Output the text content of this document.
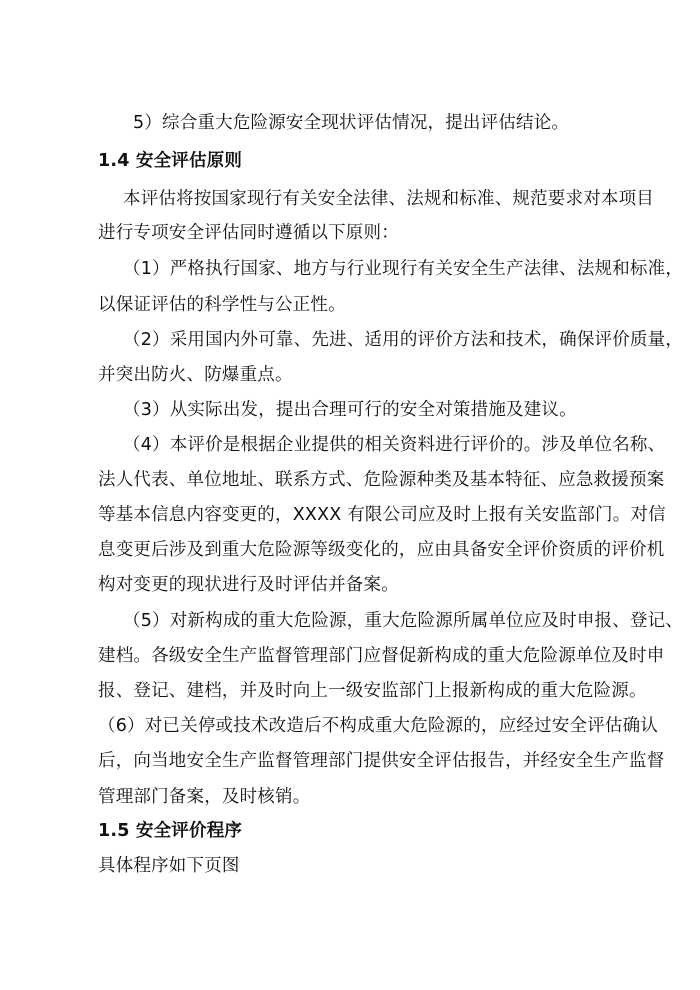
5）综合重大危险源安全现状评估情况，提出评估结论。
1.4 安全评估原则
本评估将按国家现行有关安全法律、法规和标准、规范要求对本项目
进行专项安全评估同时遵循以下原则：
（1）严格执行国家、地方与行业现行有关安全生产法律、法规和标准，
以保证评估的科学性与公正性。
（2）采用国内外可靠、先进、适用的评价方法和技术，确保评价质量，
并突出防火、防爆重点。
（3）从实际出发，提出合理可行的安全对策措施及建议。
（4）本评价是根据企业提供的相关资料进行评价的。涉及单位名称、
法人代表、单位地址、联系方式、危险源种类及基本特征、应急救援预案
等基本信息内容变更的，XXXX 有限公司应及时上报有关安监部门。对信
息变更后涉及到重大危险源等级变化的，应由具备安全评价资质的评价机
构对变更的现状进行及时评估并备案。
（5）对新构成的重大危险源，重大危险源所属单位应及时申报、登记、
建档。各级安全生产监督管理部门应督促新构成的重大危险源单位及时申
报、登记、建档，并及时向上一级安监部门上报新构成的重大危险源。
（6）对已关停或技术改造后不构成重大危险源的，应经过安全评估确认
后，向当地安全生产监督管理部门提供安全评估报告，并经安全生产监督
管理部门备案，及时核销。
1.5 安全评价程序
具体程序如下页图
